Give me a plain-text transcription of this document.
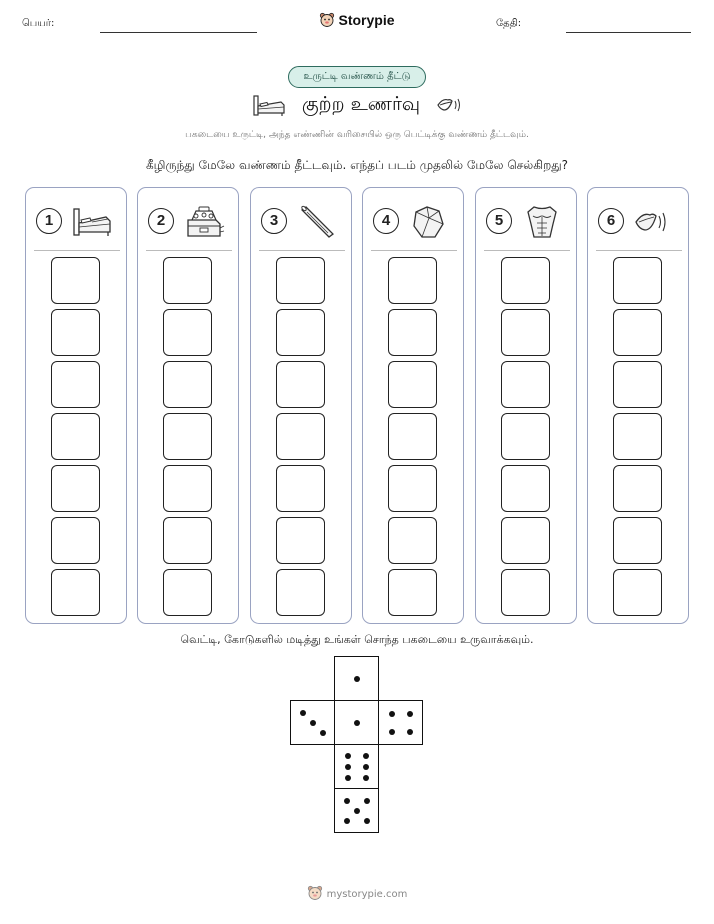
பெயர்:	Storypie	தேதி:
உருட்டி வண்ணம் தீட்டு
குற்ற உணர்வு
பகடையை உருட்டி, அந்த எண்ணின் வரிசையில் ஒரு பெட்டிக்கு வண்ணம் தீட்டவும்.
கீழிருந்து மேலே வண்ணம் தீட்டவும். எந்தப் படம் முதலில் மேலே செல்கிறது?
1	2	3	4	5	6
வெட்டி, கோடுகளில் மடித்து உங்கள் சொந்த பகடையை உருவாக்கவும்.
mystorypie.com
